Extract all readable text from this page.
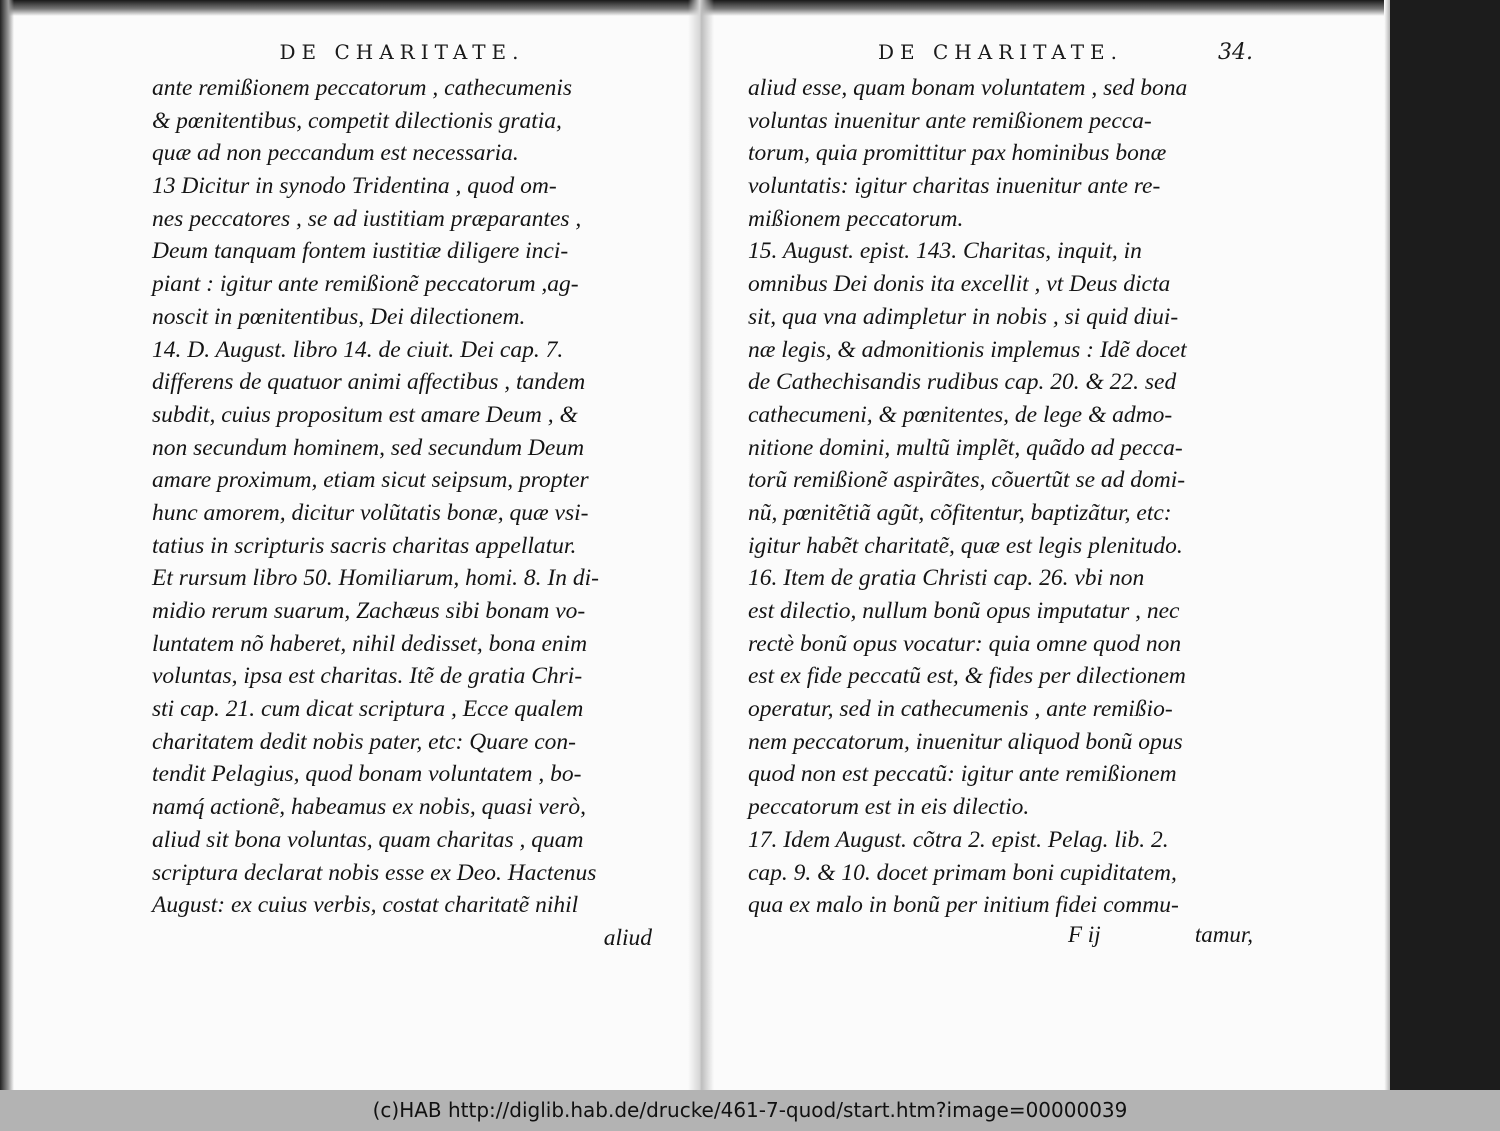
DE CHARITATE.
ante remißionem peccatorum , cathecumenis
& pœnitentibus, competit dilectionis gratia,
quæ ad non peccandum est necessaria.
13 Dicitur in synodo Tridentina , quod om-
nes peccatores , se ad iustitiam præparantes ,
Deum tanquam fontem iustitiæ diligere inci-
piant : igitur ante remißionẽ peccatorum ,ag-
noscit in pœnitentibus, Dei dilectionem.
14. D. August. libro 14. de ciuit. Dei cap. 7.
differens de quatuor animi affectibus , tandem
subdit, cuius propositum est amare Deum , &
non secundum hominem, sed secundum Deum
amare proximum, etiam sicut seipsum, propter
hunc amorem, dicitur volũtatis bonæ, quæ vsi-
tatius in scripturis sacris charitas appellatur.
Et rursum libro 50. Homiliarum, homi. 8. In di-
midio rerum suarum, Zachæus sibi bonam vo-
luntatem nõ haberet, nihil dedisset, bona enim
voluntas, ipsa est charitas. Itẽ de gratia Chri-
sti cap. 21. cum dicat scriptura , Ecce qualem
charitatem dedit nobis pater, etc: Quare con-
tendit Pelagius, quod bonam voluntatem , bo-
namq́ actionẽ, habeamus ex nobis, quasi verò,
aliud sit bona voluntas, quam charitas , quam
scriptura declarat nobis esse ex Deo. Hactenus
August: ex cuius verbis, costat charitatẽ nihil
aliud
DE CHARITATE.	34.
aliud esse, quam bonam voluntatem , sed bona
voluntas inuenitur ante remißionem pecca-
torum, quia promittitur pax hominibus bonæ
voluntatis: igitur charitas inuenitur ante re-
mißionem peccatorum.
15. August. epist. 143. Charitas, inquit, in
omnibus Dei donis ita excellit , vt Deus dicta
sit, qua vna adimpletur in nobis , si quid diui-
næ legis, & admonitionis implemus : Idẽ docet
de Cathechisandis rudibus cap. 20. & 22. sed
cathecumeni, & pœnitentes, de lege & admo-
nitione domini, multũ implẽt, quãdo ad pecca-
torũ remißionẽ aspirãtes, cõuertũt se ad domi-
nũ, pœnitẽtiã agũt, cõfitentur, baptizãtur, etc:
igitur habẽt charitatẽ, quæ est legis plenitudo.
16. Item de gratia Christi cap. 26. vbi non
est dilectio, nullum bonũ opus imputatur , nec
rectè bonũ opus vocatur: quia omne quod non
est ex fide peccatũ est, & fides per dilectionem
operatur, sed in cathecumenis , ante remißio-
nem peccatorum, inuenitur aliquod bonũ opus
quod non est peccatũ: igitur ante remißionem
peccatorum est in eis dilectio.
17. Idem August. cõtra 2. epist. Pelag. lib. 2.
cap. 9. & 10. docet primam boni cupiditatem,
qua ex malo in bonũ per initium fidei commu-
F ij	tamur,
(c)HAB http://diglib.hab.de/drucke/461-7-quod/start.htm?image=00000039
